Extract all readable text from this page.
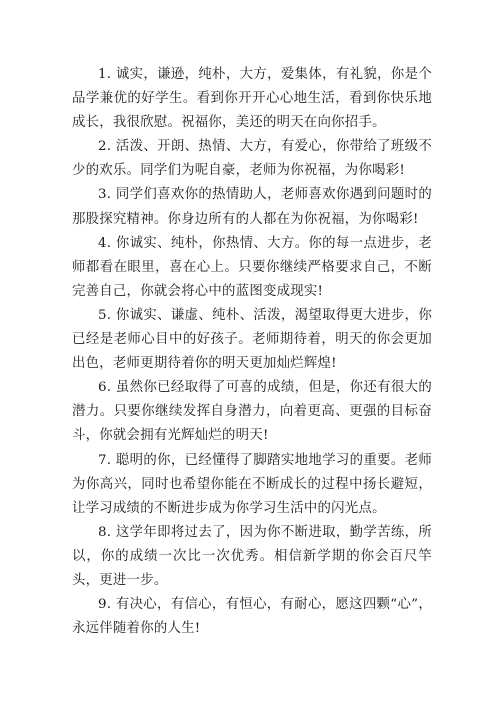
1. 诚实，谦逊，纯朴，大方，爱集体，有礼貌，你是个品学兼优的好学生。看到你开开心心地生活，看到你快乐地成长，我很欣慰。祝福你，美还的明天在向你招手。

2. 活泼、开朗、热情、大方，有爱心，你带给了班级不少的欢乐。同学们为呢自豪，老师为你祝福，为你喝彩!

3. 同学们喜欢你的热情助人，老师喜欢你遇到问题时的那股探究精神。你身边所有的人都在为你祝福，为你喝彩!

4. 你诚实、纯朴，你热情、大方。你的每一点进步，老师都看在眼里，喜在心上。只要你继续严格要求自己，不断完善自己，你就会将心中的蓝图变成现实!

5. 你诚实、谦虚、纯朴、活泼，渴望取得更大进步，你已经是老师心目中的好孩子。老师期待着，明天的你会更加出色，老师更期待着你的明天更加灿烂辉煌!

6. 虽然你已经取得了可喜的成绩，但是，你还有很大的潜力。只要你继续发挥自身潜力，向着更高、更强的目标奋斗，你就会拥有光辉灿烂的明天!

7. 聪明的你，已经懂得了脚踏实地地学习的重要。老师为你高兴，同时也希望你能在不断成长的过程中扬长避短，让学习成绩的不断进步成为你学习生活中的闪光点。

8. 这学年即将过去了，因为你不断进取，勤学苦练，所以，你的成绩一次比一次优秀。相信新学期的你会百尺竿头，更进一步。

9. 有决心，有信心，有恒心，有耐心，愿这四颗“心”，永远伴随着你的人生!
